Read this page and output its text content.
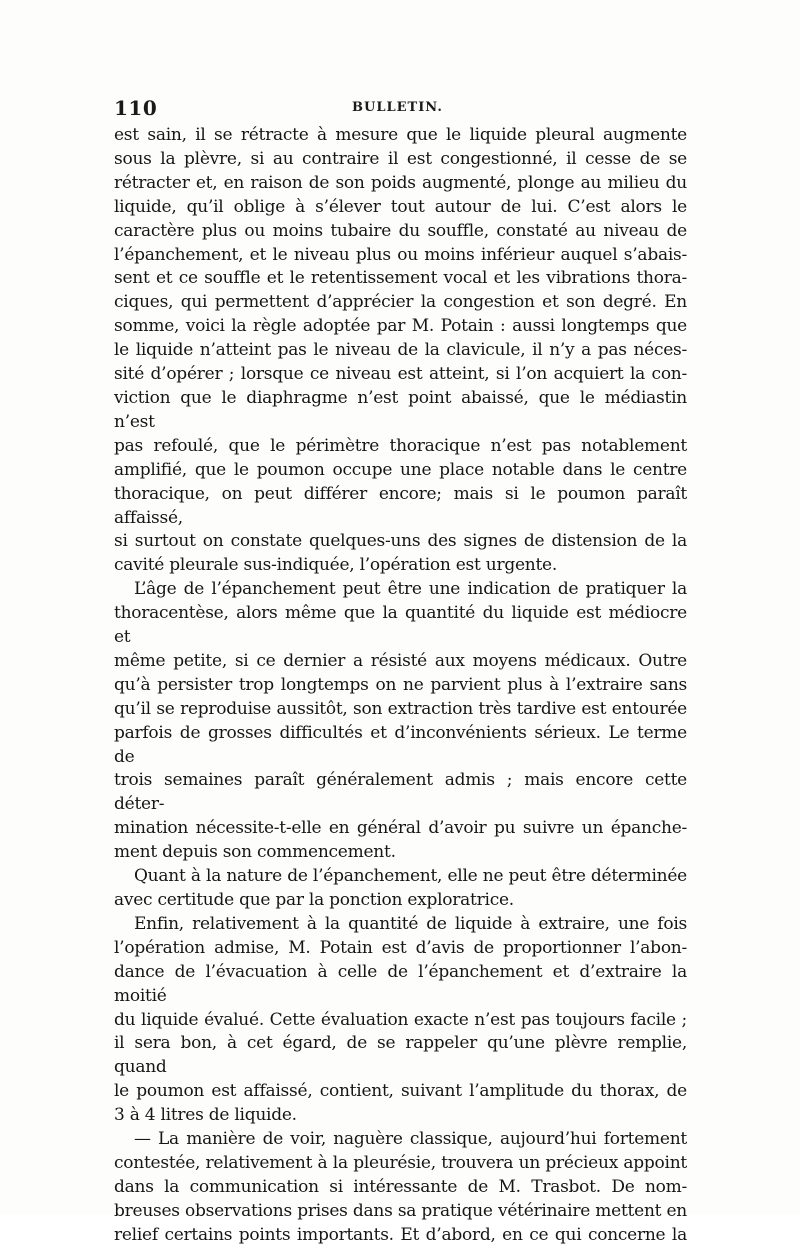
110	BULLETIN.
est sain, il se rétracte à mesure que le liquide pleural augmente
sous la plèvre, si au contraire il est congestionné, il cesse de se
rétracter et, en raison de son poids augmenté, plonge au milieu du
liquide, qu’il oblige à s’élever tout autour de lui. C’est alors le
caractère plus ou moins tubaire du souffle, constaté au niveau de
l’épanchement, et le niveau plus ou moins inférieur auquel s’abais-
sent et ce souffle et le retentissement vocal et les vibrations thora-
ciques, qui permettent d’apprécier la congestion et son degré. En
somme, voici la règle adoptée par M. Potain : aussi longtemps que
le liquide n’atteint pas le niveau de la clavicule, il n’y a pas néces-
sité d’opérer ; lorsque ce niveau est atteint, si l’on acquiert la con-
viction que le diaphragme n’est point abaissé, que le médiastin n’est
pas refoulé, que le périmètre thoracique n’est pas notablement
amplifié, que le poumon occupe une place notable dans le centre
thoracique, on peut différer encore; mais si le poumon paraît affaissé,
si surtout on constate quelques-uns des signes de distension de la
cavité pleurale sus-indiquée, l’opération est urgente.
L’âge de l’épanchement peut être une indication de pratiquer la
thoracentèse, alors même que la quantité du liquide est médiocre et
même petite, si ce dernier a résisté aux moyens médicaux. Outre
qu’à persister trop longtemps on ne parvient plus à l’extraire sans
qu’il se reproduise aussitôt, son extraction très tardive est entourée
parfois de grosses difficultés et d’inconvénients sérieux. Le terme de
trois semaines paraît généralement admis ; mais encore cette déter-
mination nécessite-t-elle en général d’avoir pu suivre un épanche-
ment depuis son commencement.
Quant à la nature de l’épanchement, elle ne peut être déterminée
avec certitude que par la ponction exploratrice.
Enfin, relativement à la quantité de liquide à extraire, une fois
l’opération admise, M. Potain est d’avis de proportionner l’abon-
dance de l’évacuation à celle de l’épanchement et d’extraire la moitié
du liquide évalué. Cette évaluation exacte n’est pas toujours facile ;
il sera bon, à cet égard, de se rappeler qu’une plèvre remplie, quand
le poumon est affaissé, contient, suivant l’amplitude du thorax, de
3 à 4 litres de liquide.
— La manière de voir, naguère classique, aujourd’hui fortement
contestée, relativement à la pleurésie, trouvera un précieux appoint
dans la communication si intéressante de M. Trasbot. De nom-
breuses observations prises dans sa pratique vétérinaire mettent en
relief certains points importants. Et d’abord, en ce qui concerne la
